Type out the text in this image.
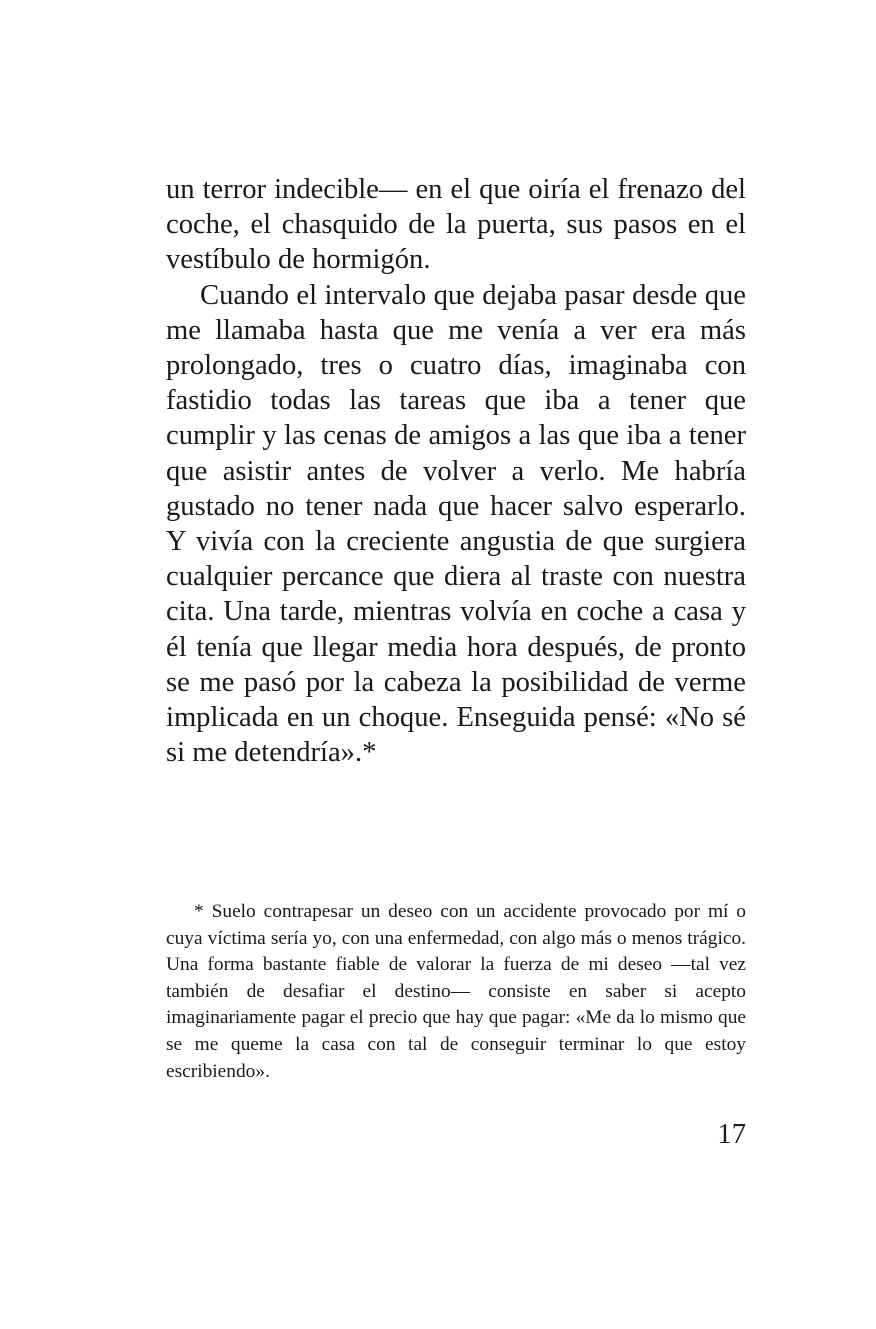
un terror indecible— en el que oiría el frenazo del coche, el chasquido de la puerta, sus pasos en el vestíbulo de hormigón.

Cuando el intervalo que dejaba pasar desde que me llamaba hasta que me venía a ver era más prolongado, tres o cuatro días, imaginaba con fastidio todas las tareas que iba a tener que cumplir y las cenas de amigos a las que iba a tener que asistir antes de volver a verlo. Me habría gustado no tener nada que hacer salvo esperarlo. Y vivía con la creciente angustia de que surgiera cualquier percance que diera al traste con nuestra cita. Una tarde, mientras volvía en coche a casa y él tenía que llegar media hora después, de pronto se me pasó por la cabeza la posibilidad de verme implicada en un choque. Enseguida pensé: «No sé si me detendría».*

* Suelo contrapesar un deseo con un accidente provocado por mí o cuya víctima sería yo, con una enfermedad, con algo más o menos trágico. Una forma bastante fiable de valorar la fuerza de mi deseo —tal vez también de desafiar el destino— consiste en saber si acepto imaginariamente pagar el precio que hay que pagar: «Me da lo mismo que se me queme la casa con tal de conseguir terminar lo que estoy escribiendo».

17
